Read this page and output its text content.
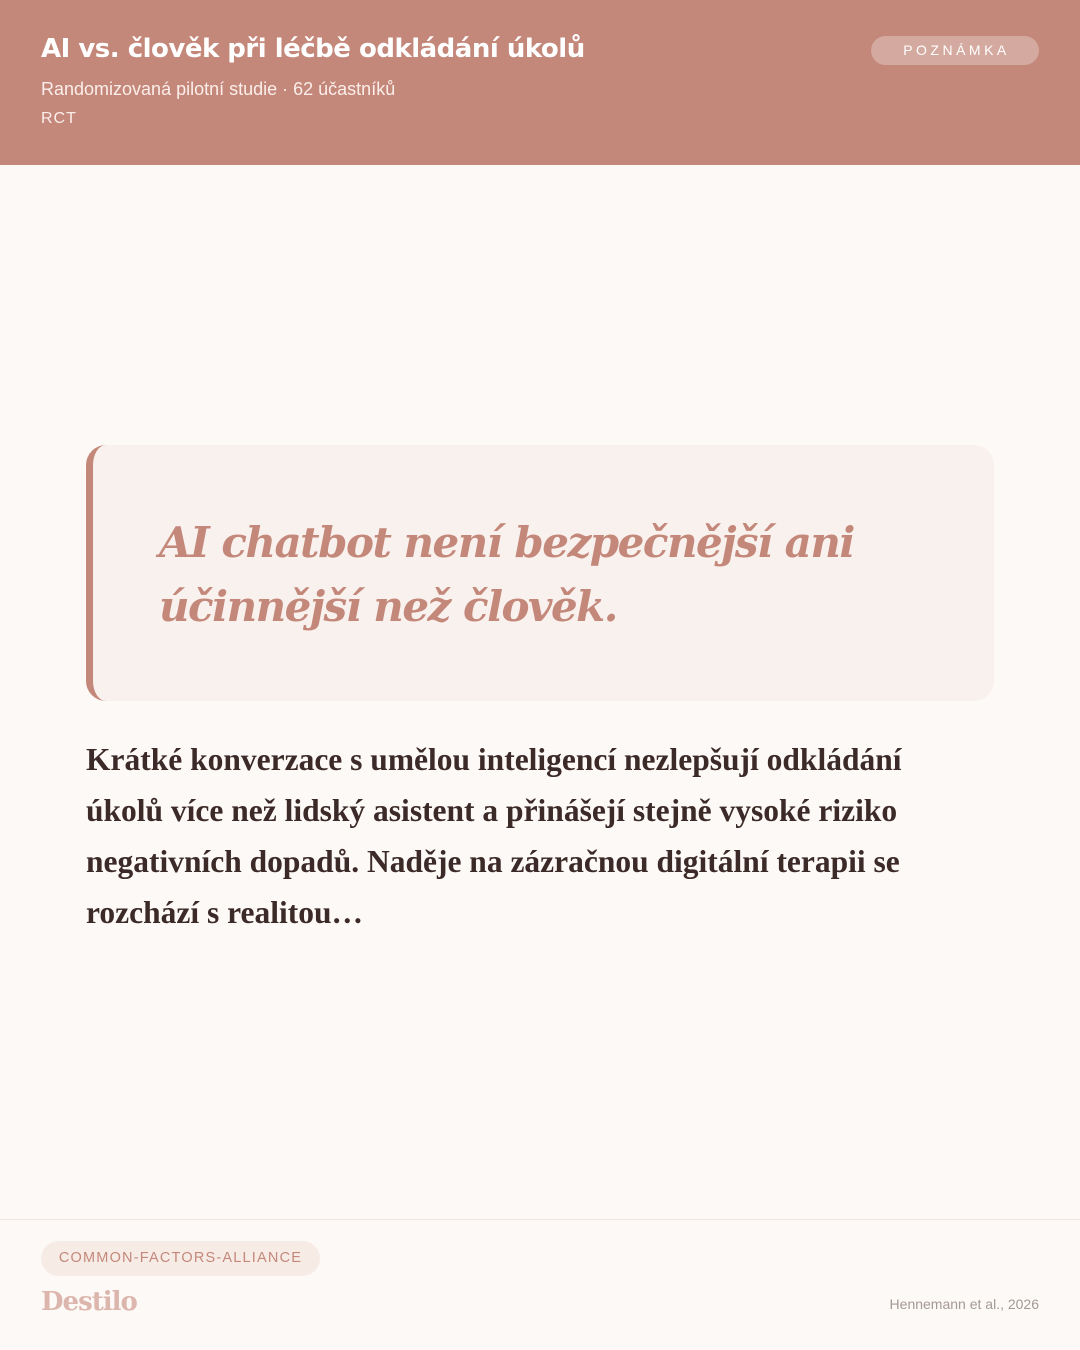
AI vs. člověk při léčbě odkládání úkolů
Randomizovaná pilotní studie · 62 účastníků
RCT
POZNÁMKA

AI chatbot není bezpečnější ani účinnější než člověk.

Krátké konverzace s umělou inteligencí nezlepšují odkládání úkolů více než lidský asistent a přinášejí stejně vysoké riziko negativních dopadů. Naděje na zázračnou digitální terapii se rozchází s realitou…

COMMON-FACTORS-ALLIANCE
Destilo	Hennemann et al., 2026
